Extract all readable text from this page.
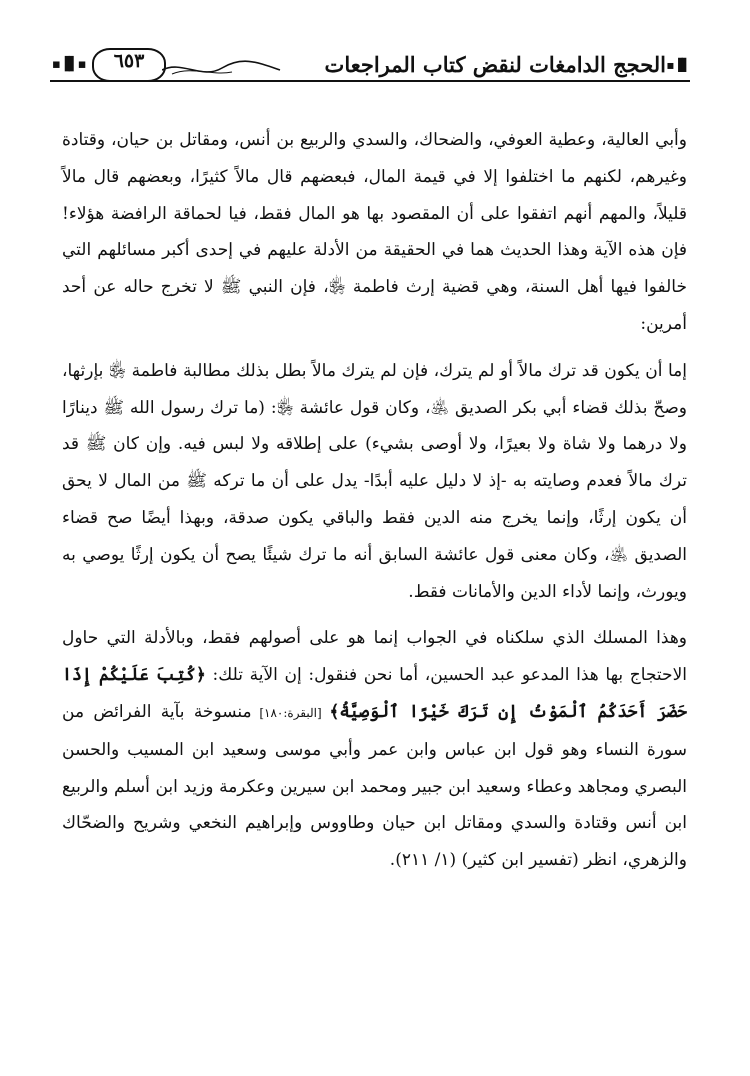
▪▐▌
الحجج الدامغات لنقض كتاب المراجعات
٦٥٣
▪▐▌▪

وأبي العالية، وعطية العوفي، والضحاك، والسدي والربيع بن أنس، ومقاتل بن حيان، وقتادة وغيرهم، لكنهم ما اختلفوا إلا في قيمة المال، فبعضهم قال مالاً كثيرًا، وبعضهم قال مالاً قليلاً، والمهم أنهم اتفقوا على أن المقصود بها هو المال فقط، فيا لحماقة الرافضة هؤلاء! فإن هذه الآية وهذا الحديث هما في الحقيقة من الأدلة عليهم في إحدى أكبر مسائلهم التي خالفوا فيها أهل السنة، وهي قضية إرث فاطمة ﵂، فإن النبي ﷺ لا تخرج حاله عن أحد أمرين:

إما أن يكون قد ترك مالاً أو لم يترك، فإن لم يترك مالاً بطل بذلك مطالبة فاطمة ﵂ بإرثها، وصحّ بذلك قضاء أبي بكر الصديق ﵁، وكان قول عائشة ﵂: (ما ترك رسول الله ﷺ دينارًا ولا درهما ولا شاة ولا بعيرًا، ولا أوصى بشيء) على إطلاقه ولا لبس فيه. وإن كان ﷺ قد ترك مالاً فعدم وصايته به -إذ لا دليل عليه أبدًا- يدل على أن ما تركه ﷺ من المال لا يحق أن يكون إرثًا، وإنما يخرج منه الدين فقط والباقي يكون صدقة، وبهذا أيضًا صح قضاء الصديق ﵁، وكان معنى قول عائشة السابق أنه ما ترك شيئًا يصح أن يكون إرثًا يوصي به ويورث، وإنما لأداء الدين والأمانات فقط.

وهذا المسلك الذي سلكناه في الجواب إنما هو على أصولهم فقط، وبالأدلة التي حاول الاحتجاج بها هذا المدعو عبد الحسين، أما نحن فنقول: إن الآية تلك: ﴿كُتِبَ عَلَيْكُمْ إِذَا حَضَرَ أَحَدَكُمُ ٱلْمَوْتُ إِن تَرَكَ خَيْرًا ٱلْوَصِيَّةُ﴾ [البقرة:١٨٠] منسوخة بآية الفرائض من سورة النساء وهو قول ابن عباس وابن عمر وأبي موسى وسعيد ابن المسيب والحسن البصري ومجاهد وعطاء وسعيد ابن جبير ومحمد ابن سيرين وعكرمة وزيد ابن أسلم والربيع ابن أنس وقتادة والسدي ومقاتل ابن حيان وطاووس وإبراهيم النخعي وشريح والضحّاك والزهري، انظر (تفسير ابن كثير) (١/ ٢١١).
